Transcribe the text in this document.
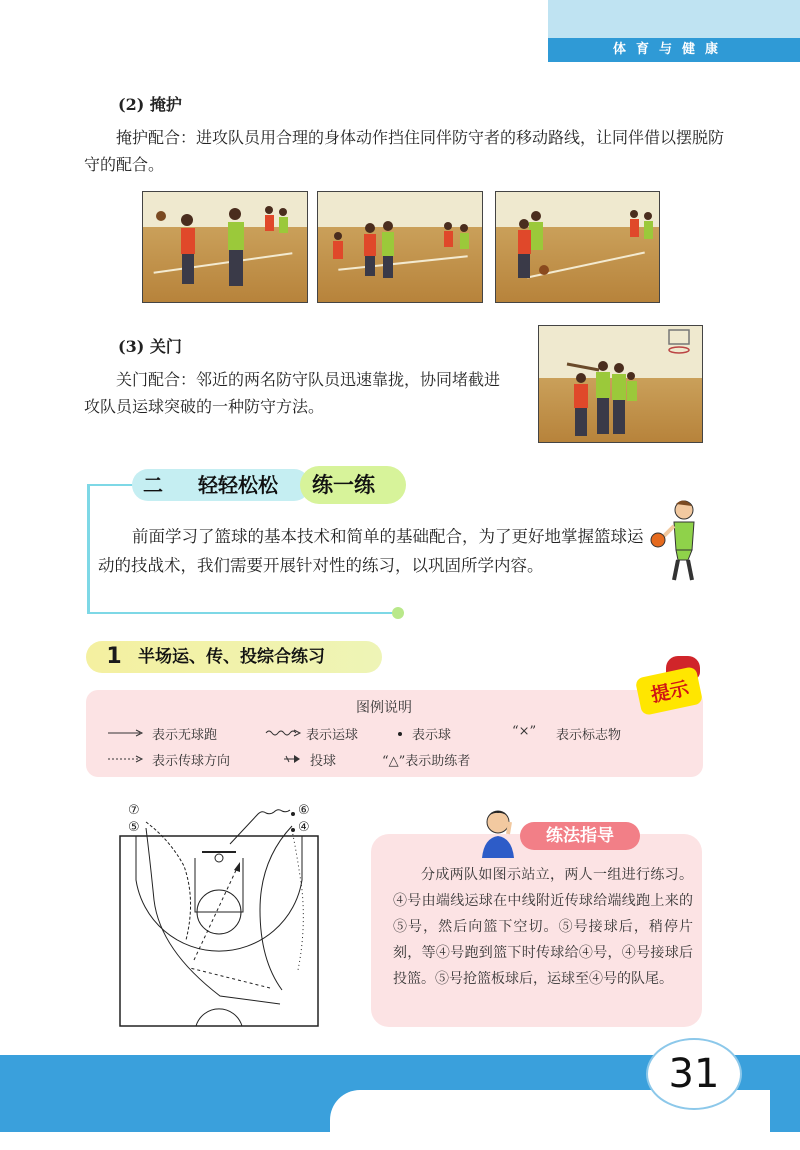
体育与健康
(2) 掩护
掩护配合：进攻队员用合理的身体动作挡住同伴防守者的移动路线，让同伴借以摆脱防守的配合。
(3) 关门
关门配合：邻近的两名防守队员迅速靠拢，协同堵截进攻队员运球突破的一种防守方法。
二 轻轻松松 练一练
前面学习了篮球的基本技术和简单的基础配合，为了更好地掌握篮球运动的技战术，我们需要开展针对性的练习，以巩固所学内容。
1 半场运、传、投综合练习
提示
图例说明
表示无球跑	表示运球	表示球	“×” 表示标志物
表示传球方向	投球	“△”表示助练者
⑦
⑤
⑥
④	练法指导
分成两队如图示站立，两人一组进行练习。④号由端线运球在中线附近传球给端线跑上来的⑤号，然后向篮下空切。⑤号接球后，稍停片刻，等④号跑到篮下时传球给④号，④号接球后投篮。⑤号抢篮板球后，运球至④号的队尾。
31
